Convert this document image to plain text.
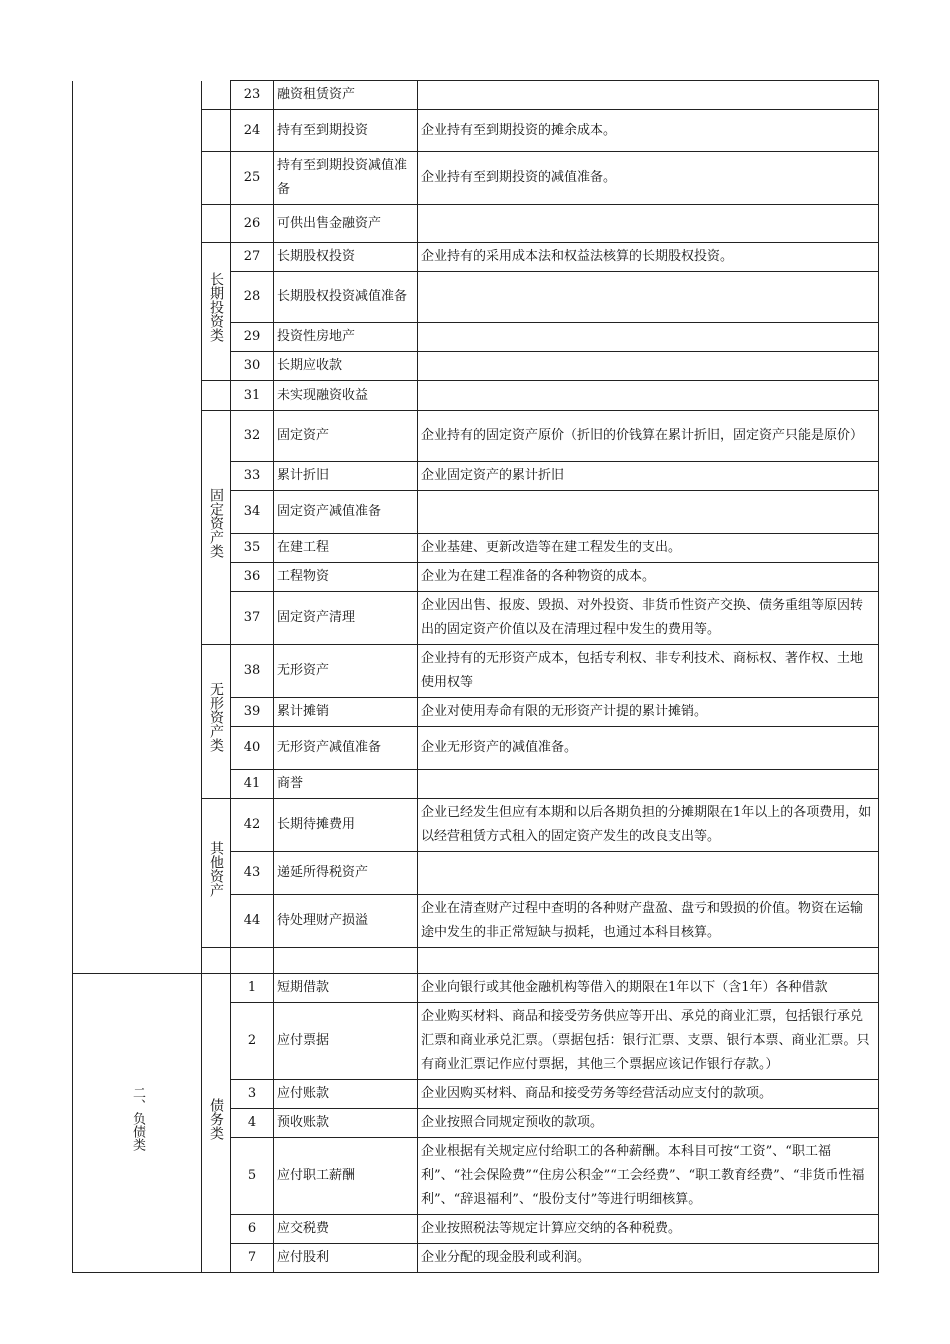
		23	融资租赁资产	
		24	持有至到期投资	企业持有至到期投资的摊余成本。
		25	持有至到期投资减值准备	企业持有至到期投资的减值准备。
		26	可供出售金融资产	
	长期投资类	27	长期股权投资	企业持有的采用成本法和权益法核算的长期股权投资。
		28	长期股权投资减值准备	
		29	投资性房地产	
		30	长期应收款	
		31	未实现融资收益	
	固定资产类	32	固定资产	企业持有的固定资产原价（折旧的价钱算在累计折旧，固定资产只能是原价）
		33	累计折旧	企业固定资产的累计折旧
		34	固定资产减值准备	
		35	在建工程	企业基建、更新改造等在建工程发生的支出。
		36	工程物资	企业为在建工程准备的各种物资的成本。
		37	固定资产清理	企业因出售、报废、毁损、对外投资、非货币性资产交换、债务重组等原因转出的固定资产价值以及在清理过程中发生的费用等。
	无形资产类	38	无形资产	企业持有的无形资产成本，包括专利权、非专利技术、商标权、著作权、土地使用权等
		39	累计摊销	企业对使用寿命有限的无形资产计提的累计摊销。
		40	无形资产减值准备	企业无形资产的减值准备。
		41	商誉	
	其他资产	42	长期待摊费用	企业已经发生但应有本期和以后各期负担的分摊期限在1年以上的各项费用，如以经营租赁方式租入的固定资产发生的改良支出等。
		43	递延所得税资产	
		44	待处理财产损溢	企业在清查财产过程中查明的各种财产盘盈、盘亏和毁损的价值。物资在运输途中发生的非正常短缺与损耗，也通过本科目核算。

二、负债类	债务类	1	短期借款	企业向银行或其他金融机构等借入的期限在1年以下（含1年）各种借款
		2	应付票据	企业购买材料、商品和接受劳务供应等开出、承兑的商业汇票，包括银行承兑汇票和商业承兑汇票。（票据包括：银行汇票、支票、银行本票、商业汇票。只有商业汇票记作应付票据，其他三个票据应该记作银行存款。）
		3	应付账款	企业因购买材料、商品和接受劳务等经营活动应支付的款项。
		4	预收账款	企业按照合同规定预收的款项。
		5	应付职工薪酬	企业根据有关规定应付给职工的各种薪酬。本科目可按“工资”、“职工福利”、“社会保险费”“住房公积金”“工会经费”、“职工教育经费”、“非货币性福利”、“辞退福利”、“股份支付”等进行明细核算。
		6	应交税费	企业按照税法等规定计算应交纳的各种税费。
		7	应付股利	企业分配的现金股利或利润。
